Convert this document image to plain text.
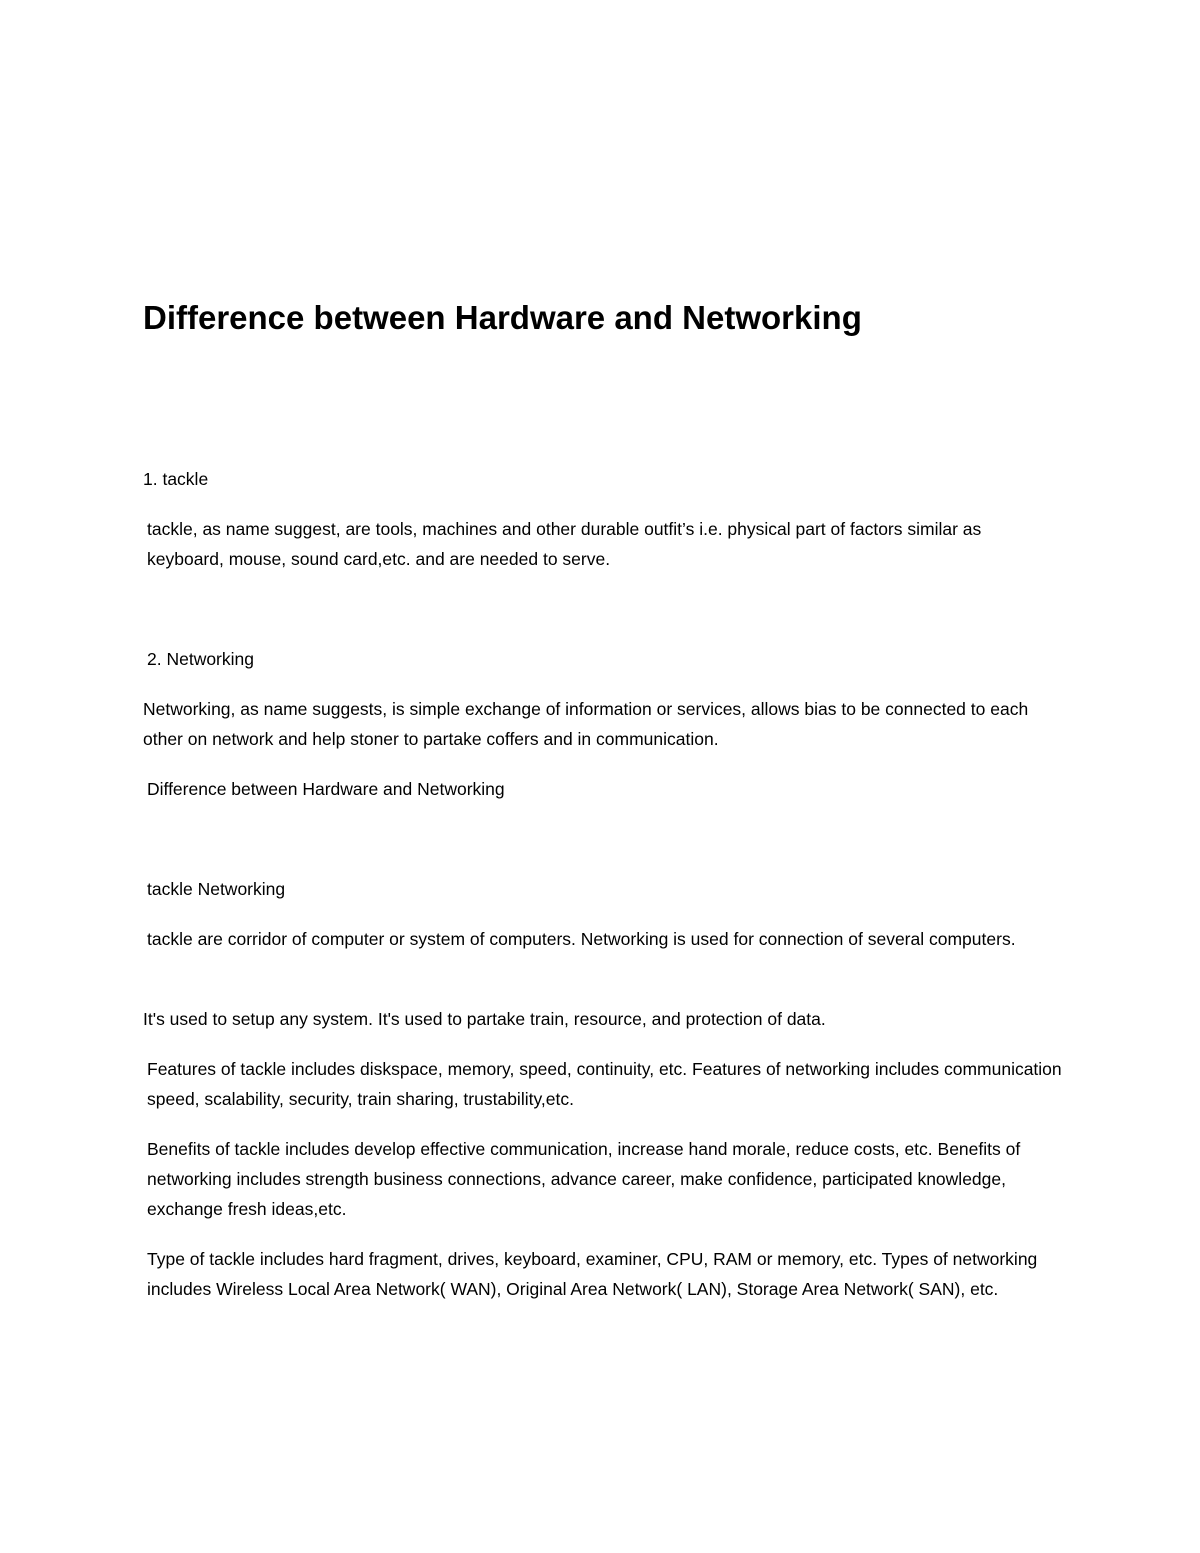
Difference between Hardware and Networking

1. tackle

tackle, as name suggest, are tools, machines and other durable outfit’s i.e. physical part of factors similar as keyboard, mouse, sound card,etc. and are needed to serve.

2. Networking

Networking, as name suggests, is simple exchange of information or services, allows bias to be connected to each other on network and help stoner to partake coffers and in communication.

Difference between Hardware and Networking

tackle Networking

tackle are corridor of computer or system of computers. Networking is used for connection of several computers.

It's used to setup any system. It's used to partake train, resource, and protection of data.

Features of tackle includes diskspace, memory, speed, continuity, etc. Features of networking includes communication speed, scalability, security, train sharing, trustability,etc.

Benefits of tackle includes develop effective communication, increase hand morale, reduce costs, etc. Benefits of networking includes strength business connections, advance career, make confidence, participated knowledge, exchange fresh ideas,etc.

Type of tackle includes hard fragment, drives, keyboard, examiner, CPU, RAM or memory, etc. Types of networking includes Wireless Local Area Network( WAN), Original Area Network( LAN), Storage Area Network( SAN), etc.
